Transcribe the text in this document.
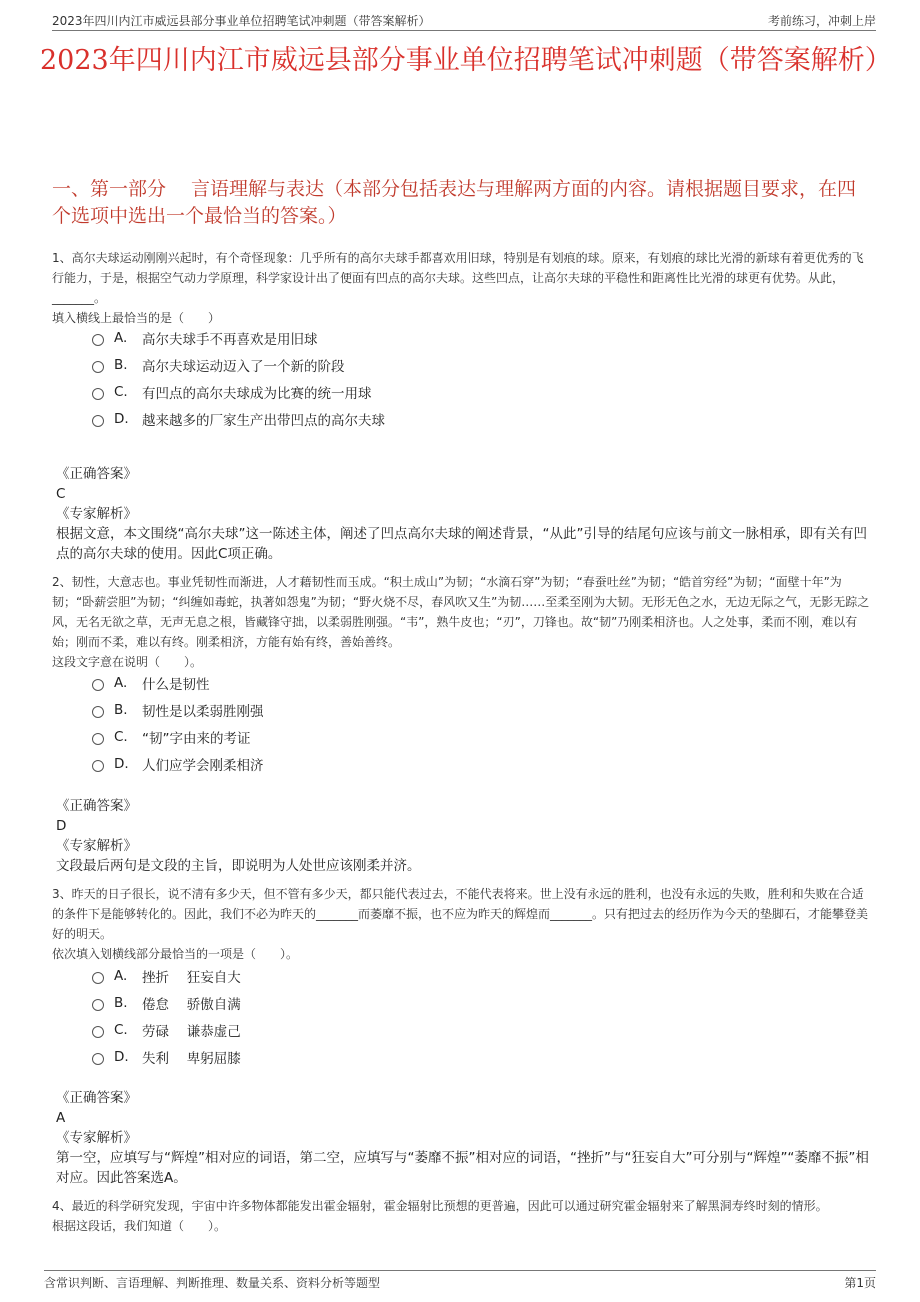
2023年四川内江市威远县部分事业单位招聘笔试冲刺题（带答案解析）	考前练习，冲刺上岸
2023年四川内江市威远县部分事业单位招聘笔试冲刺题（带答案解析）
一、第一部分　 言语理解与表达（本部分包括表达与理解两方面的内容。请根据题目要求，在四个选项中选出一个最恰当的答案。）

1、高尔夫球运动刚刚兴起时，有个奇怪现象：几乎所有的高尔夫球手都喜欢用旧球，特别是有划痕的球。原来，有划痕的球比光滑的新球有着更优秀的飞行能力，于是，根据空气动力学原理，科学家设计出了便面有凹点的高尔夫球。这些凹点，让高尔夫球的平稳性和距离性比光滑的球更有优势。从此，_______。

填入横线上最恰当的是（　　）

A.	高尔夫球手不再喜欢是用旧球
B.	高尔夫球运动迈入了一个新的阶段
C.	有凹点的高尔夫球成为比赛的统一用球
D. 越来越多的厂家生产出带凹点的高尔夫球

《正确答案》

C

《专家解析》

根据文意，本文围绕“高尔夫球”这一陈述主体，阐述了凹点高尔夫球的阐述背景，“从此”引导的结尾句应该与前文一脉相承，即有关有凹点的高尔夫球的使用。因此C项正确。

2、韧性，大意志也。事业凭韧性而渐进，人才藉韧性而玉成。“积土成山”为韧；“水滴石穿”为韧；“春蚕吐丝”为韧；“皓首穷经”为韧；“面壁十年”为韧；“卧薪尝胆”为韧；“纠缠如毒蛇，执著如怨鬼”为韧；“野火烧不尽，春风吹又生”为韧……至柔至刚为大韧。无形无色之水，无边无际之气，无影无踪之风，无名无欲之草，无声无息之根，皆藏锋守拙，以柔弱胜刚强。“韦”，熟牛皮也；“刃”，刀锋也。故“韧”乃刚柔相济也。人之处事，柔而不刚，难以有始；刚而不柔，难以有终。刚柔相济，方能有始有终，善始善终。

这段文字意在说明（　　）。

A.	什么是韧性
B.	韧性是以柔弱胜刚强
C.	“韧”字由来的考证
D. 人们应学会刚柔相济

《正确答案》

D

《专家解析》

文段最后两句是文段的主旨，即说明为人处世应该刚柔并济。

3、昨天的日子很长，说不清有多少天，但不管有多少天，都只能代表过去，不能代表将来。世上没有永远的胜利，也没有永远的失败，胜利和失败在合适的条件下是能够转化的。因此，我们不必为昨天的_______而萎靡不振，也不应为昨天的辉煌而_______。只有把过去的经历作为今天的垫脚石，才能攀登美好的明天。

依次填入划横线部分最恰当的一项是（　　）。

A.	挫折　 狂妄自大
B.	倦怠　 骄傲自满
C.	劳碌　 谦恭虚己
D. 失利　 卑躬屈膝

《正确答案》

A

《专家解析》

第一空，应填写与“辉煌”相对应的词语，第二空，应填写与“萎靡不振”相对应的词语，“挫折”与“狂妄自大”可分别与“辉煌”“萎靡不振”相对应。因此答案选A。

4、最近的科学研究发现，宇宙中许多物体都能发出霍金辐射，霍金辐射比预想的更普遍，因此可以通过研究霍金辐射来了解黑洞寿终时刻的情形。

根据这段话，我们知道（　　）。

含常识判断、言语理解、判断推理、数量关系、资料分析等题型	第1页
